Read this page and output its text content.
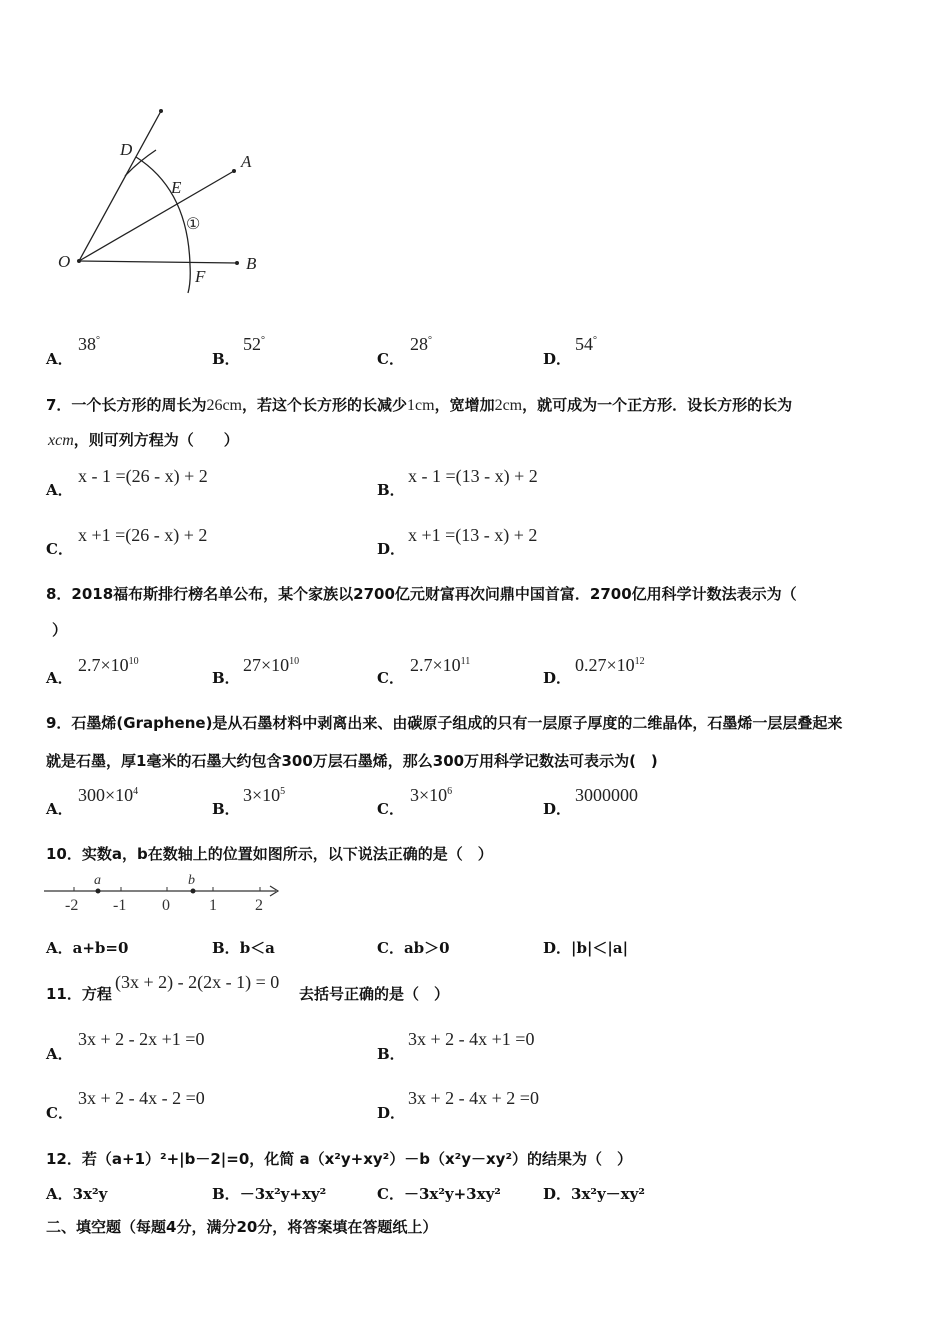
O
D
A
E
B
F
①
A．
38°
B．
52°
C．
28°
D．
54°
7．一个长方形的周长为26cm，若这个长方形的长减少1cm，宽增加2cm，就可成为一个正方形．设长方形的长为
xcm，则可列方程为（　　）
A．
x - 1 =(26 - x) + 2
B．
x - 1 =(13 - x) + 2
C．
x +1 =(26 - x) + 2
D．
x +1 =(13 - x) + 2
8．2018福布斯排行榜名单公布，某个家族以2700亿元财富再次问鼎中国首富．2700亿用科学计数法表示为（
）
A．
$2.7\times 10^{10}$
B．
$27\times 10^{10}$
C．
$2.7\times 10^{11}$
D．
$0.27\times 10^{12}$
9．石墨烯(Graphene)是从石墨材料中剥离出来、由碳原子组成的只有一层原子厚度的二维晶体，石墨烯一层层叠起来
就是石墨，厚1毫米的石墨大约包含300万层石墨烯，那么300万用科学记数法可表示为(　)
A．
$300\times 10^4$
B．
$3\times 10^5$
C．
$3\times 10^6$
D．
3000000
10．实数a，b在数轴上的位置如图所示，以下说法正确的是（　）
a	b
-2 -1 0 1 2
A．a+b=0	B．b＜a	C．ab＞0	D．|b|＜|a|
11．方程
(3x + 2) - 2(2x - 1) = 0
去括号正确的是（　）
A．
3x + 2 - 2x +1 =0
B．
3x + 2 - 4x +1 =0
C．
3x + 2 - 4x - 2 =0
D．
3x + 2 - 4x + 2 =0
12．若（a+1）²+|b－2|=0，化简 a（x²y+xy²）－b（x²y－xy²）的结果为（　）
A．3x²y	B．－3x²y+xy²	C．－3x²y+3xy²	D．3x²y－xy²
二、填空题（每题4分，满分20分，将答案填在答题纸上）
